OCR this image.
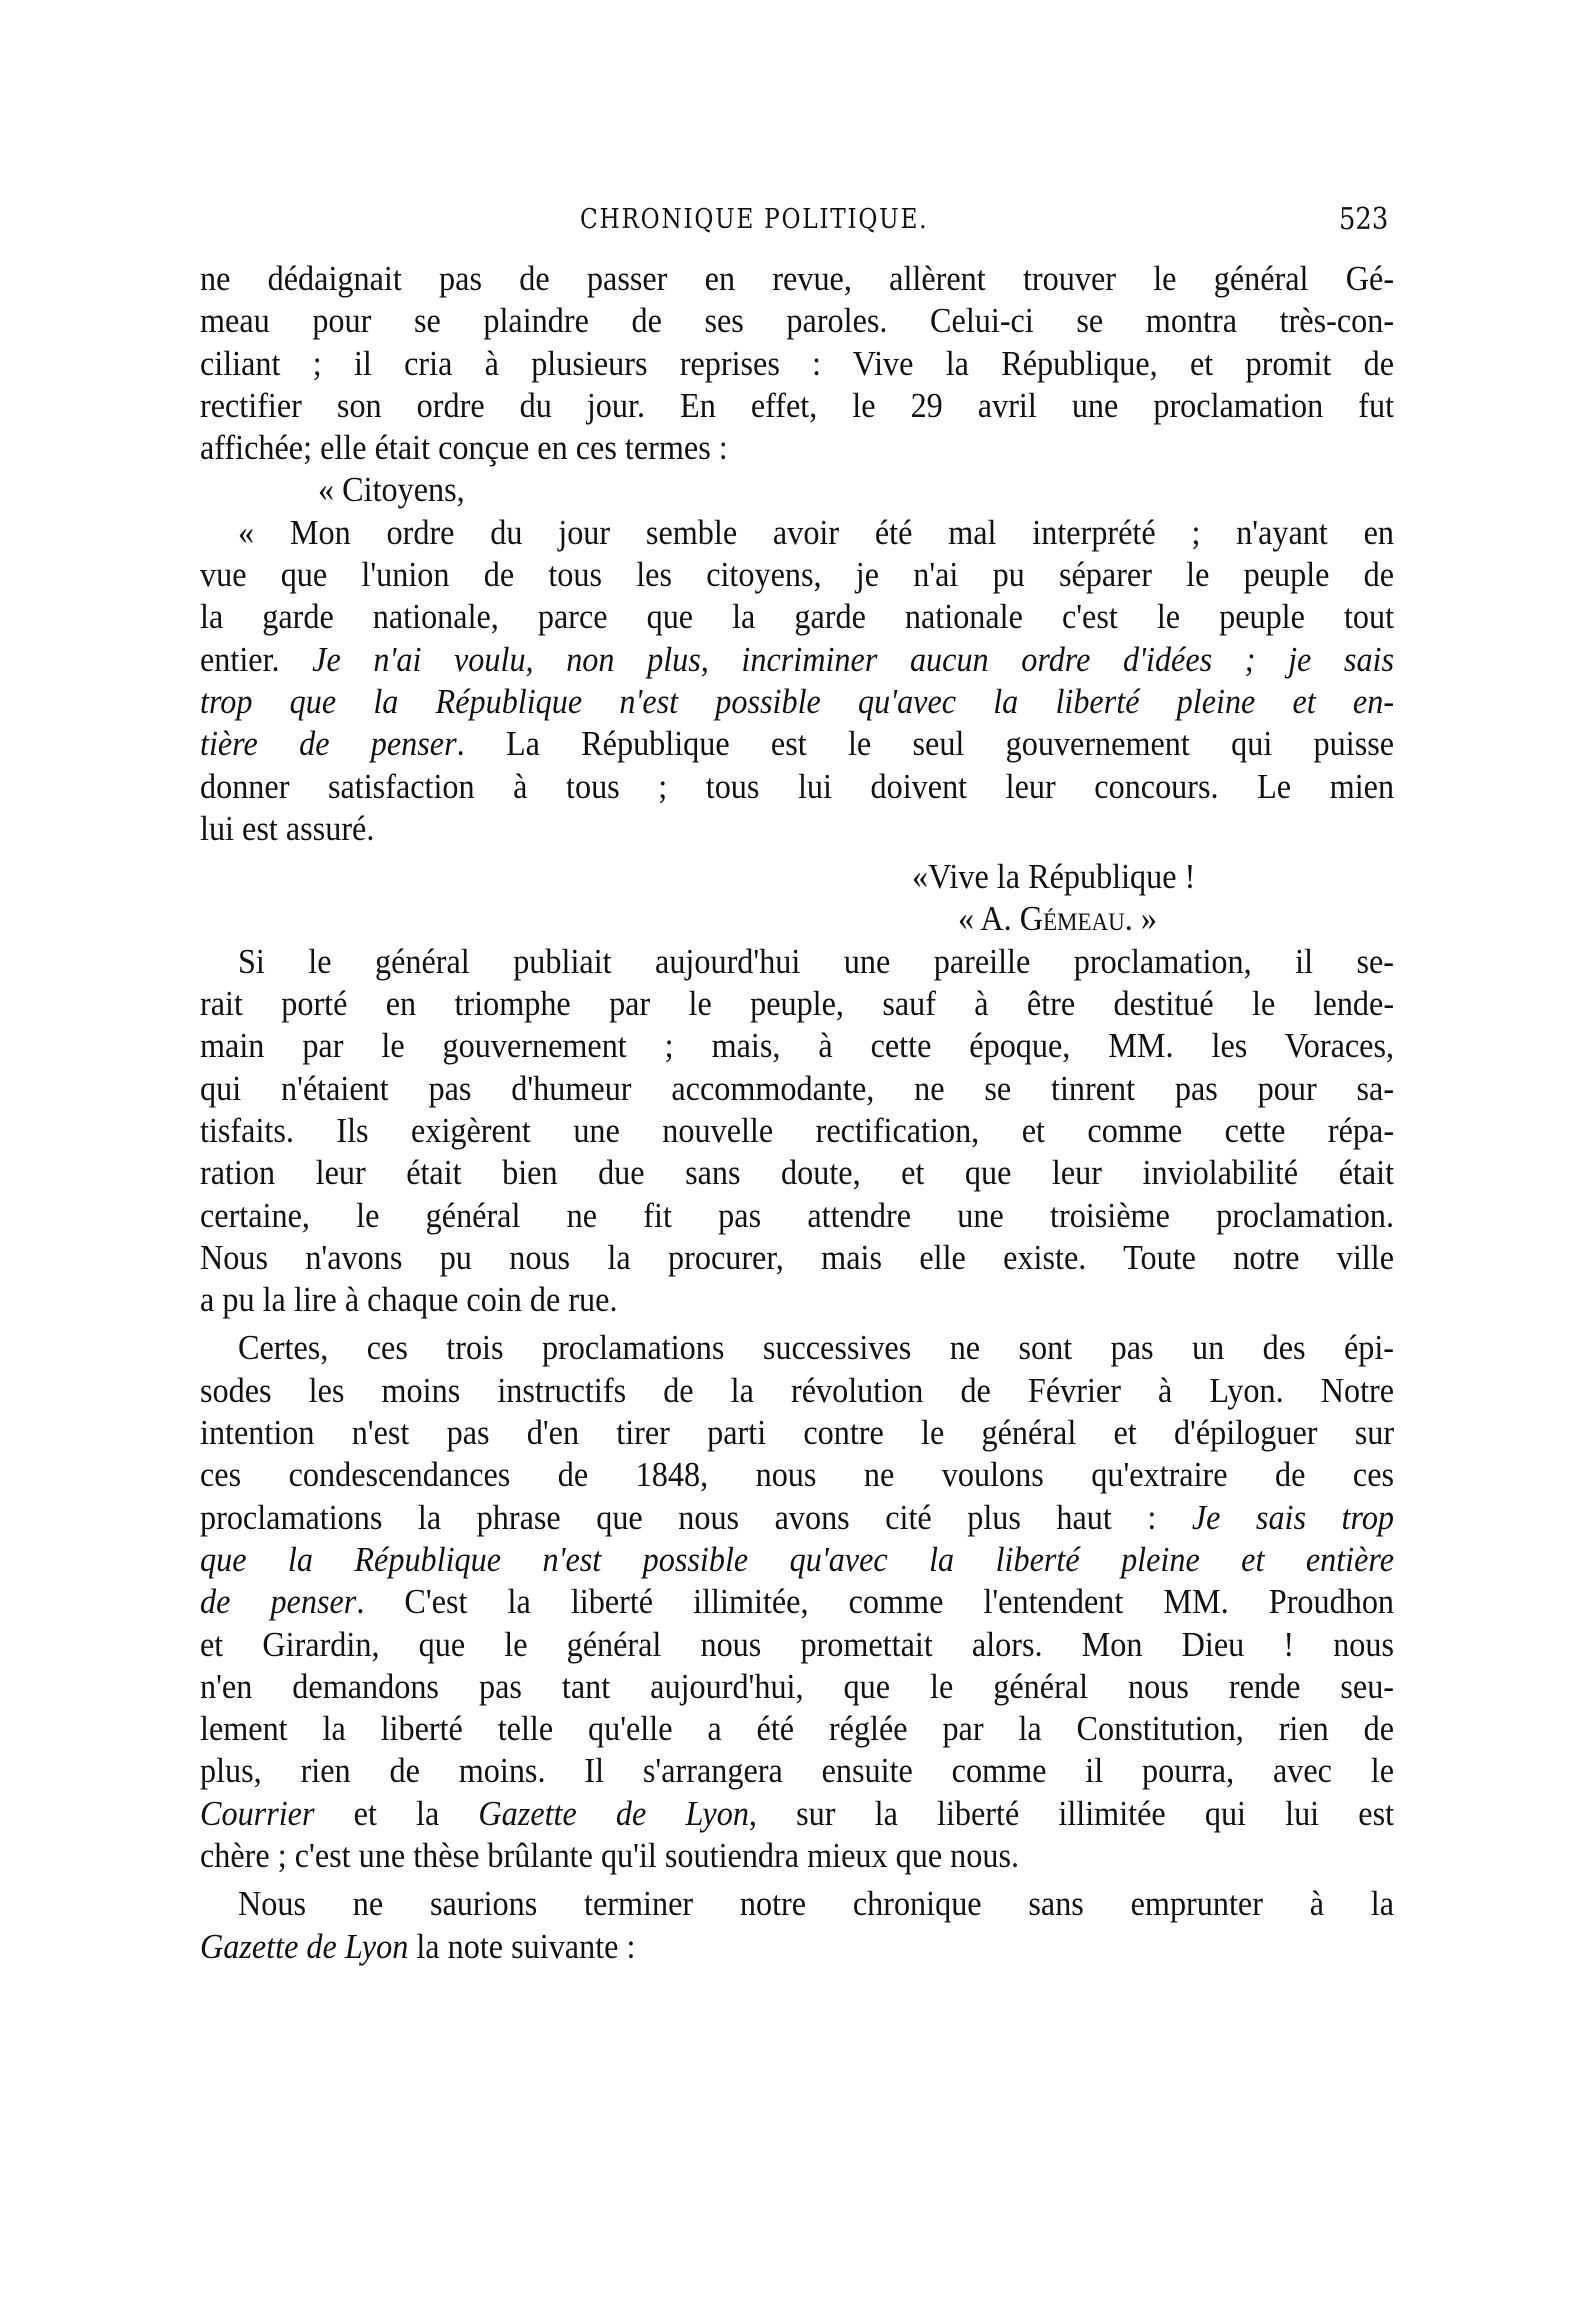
CHRONIQUE POLITIQUE.	523
ne dédaignait pas de passer en revue, allèrent trouver le général Gé-
meau pour se plaindre de ses paroles. Celui-ci se montra très-con-
ciliant ; il cria à plusieurs reprises : Vive la République, et promit de
rectifier son ordre du jour. En effet, le 29 avril une proclamation fut
affichée; elle était conçue en ces termes :
« Citoyens,
« Mon ordre du jour semble avoir été mal interprété ; n'ayant en
vue que l'union de tous les citoyens, je n'ai pu séparer le peuple de
la garde nationale, parce que la garde nationale c'est le peuple tout
entier. Je n'ai voulu, non plus, incriminer aucun ordre d'idées ; je sais
trop que la République n'est possible qu'avec la liberté pleine et en-
tière de penser. La République est le seul gouvernement qui puisse
donner satisfaction à tous ; tous lui doivent leur concours. Le mien
lui est assuré.
«Vive la République !
« A. Gémeau. »
Si le général publiait aujourd'hui une pareille proclamation, il se-
rait porté en triomphe par le peuple, sauf à être destitué le lende-
main par le gouvernement ; mais, à cette époque, MM. les Voraces,
qui n'étaient pas d'humeur accommodante, ne se tinrent pas pour sa-
tisfaits. Ils exigèrent une nouvelle rectification, et comme cette répa-
ration leur était bien due sans doute, et que leur inviolabilité était
certaine, le général ne fit pas attendre une troisième proclamation.
Nous n'avons pu nous la procurer, mais elle existe. Toute notre ville
a pu la lire à chaque coin de rue.
Certes, ces trois proclamations successives ne sont pas un des épi-
sodes les moins instructifs de la révolution de Février à Lyon. Notre
intention n'est pas d'en tirer parti contre le général et d'épiloguer sur
ces condescendances de 1848, nous ne voulons qu'extraire de ces
proclamations la phrase que nous avons cité plus haut : Je sais trop
que la République n'est possible qu'avec la liberté pleine et entière
de penser. C'est la liberté illimitée, comme l'entendent MM. Proudhon
et Girardin, que le général nous promettait alors. Mon Dieu ! nous
n'en demandons pas tant aujourd'hui, que le général nous rende seu-
lement la liberté telle qu'elle a été réglée par la Constitution, rien de
plus, rien de moins. Il s'arrangera ensuite comme il pourra, avec le
Courrier et la Gazette de Lyon, sur la liberté illimitée qui lui est
chère ; c'est une thèse brûlante qu'il soutiendra mieux que nous.
Nous ne saurions terminer notre chronique sans emprunter à la
Gazette de Lyon la note suivante :
